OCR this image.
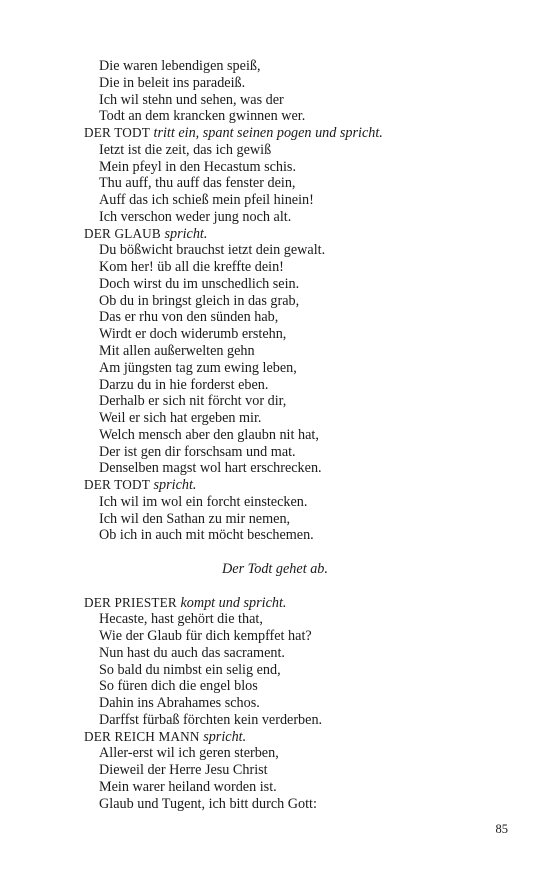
Die waren lebendigen speiß,
Die in beleit ins paradeiß.
Ich wil stehn und sehen, was der
Todt an dem krancken gwinnen wer.
DER TODT tritt ein, spant seinen pogen und spricht.
Ietzt ist die zeit, das ich gewiß
Mein pfeyl in den Hecastum schis.
Thu auff, thu auff das fenster dein,
Auff das ich schieß mein pfeil hinein!
Ich verschon weder jung noch alt.
DER GLAUB spricht.
Du bößwicht brauchst ietzt dein gewalt.
Kom her! üb all die kreffte dein!
Doch wirst du im unschedlich sein.
Ob du in bringst gleich in das grab,
Das er rhu von den sünden hab,
Wirdt er doch widerumb erstehn,
Mit allen außerwelten gehn
Am jüngsten tag zum ewing leben,
Darzu du in hie forderst eben.
Derhalb er sich nit förcht vor dir,
Weil er sich hat ergeben mir.
Welch mensch aber den glaubn nit hat,
Der ist gen dir forschsam und mat.
Denselben magst wol hart erschrecken.
DER TODT spricht.
Ich wil im wol ein forcht einstecken.
Ich wil den Sathan zu mir nemen,
Ob ich in auch mit möcht beschemen.
Der Todt gehet ab.
DER PRIESTER kompt und spricht.
Hecaste, hast gehört die that,
Wie der Glaub für dich kempffet hat?
Nun hast du auch das sacrament.
So bald du nimbst ein selig end,
So füren dich die engel blos
Dahin ins Abrahames schos.
Darffst fürbaß förchten kein verderben.
DER REICH MANN spricht.
Aller-erst wil ich geren sterben,
Dieweil der Herre Jesu Christ
Mein warer heiland worden ist.
Glaub und Tugent, ich bitt durch Gott:
85
